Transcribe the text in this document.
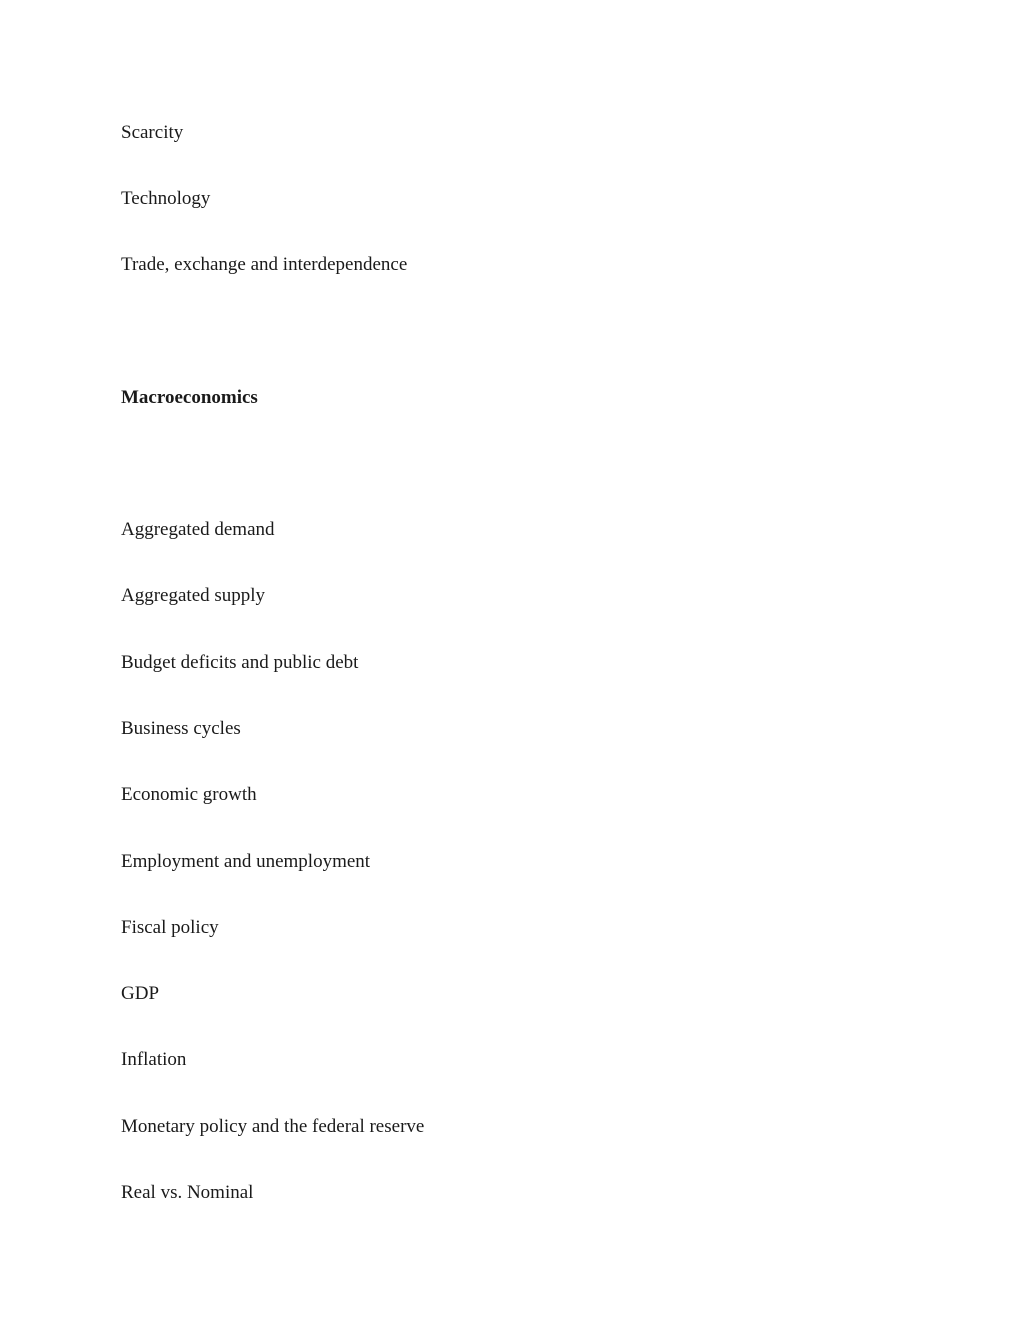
Scarcity
Technology
Trade, exchange and interdependence
Macroeconomics
Aggregated demand
Aggregated supply
Budget deficits and public debt
Business cycles
Economic growth
Employment and unemployment
Fiscal policy
GDP
Inflation
Monetary policy and the federal reserve
Real vs. Nominal
